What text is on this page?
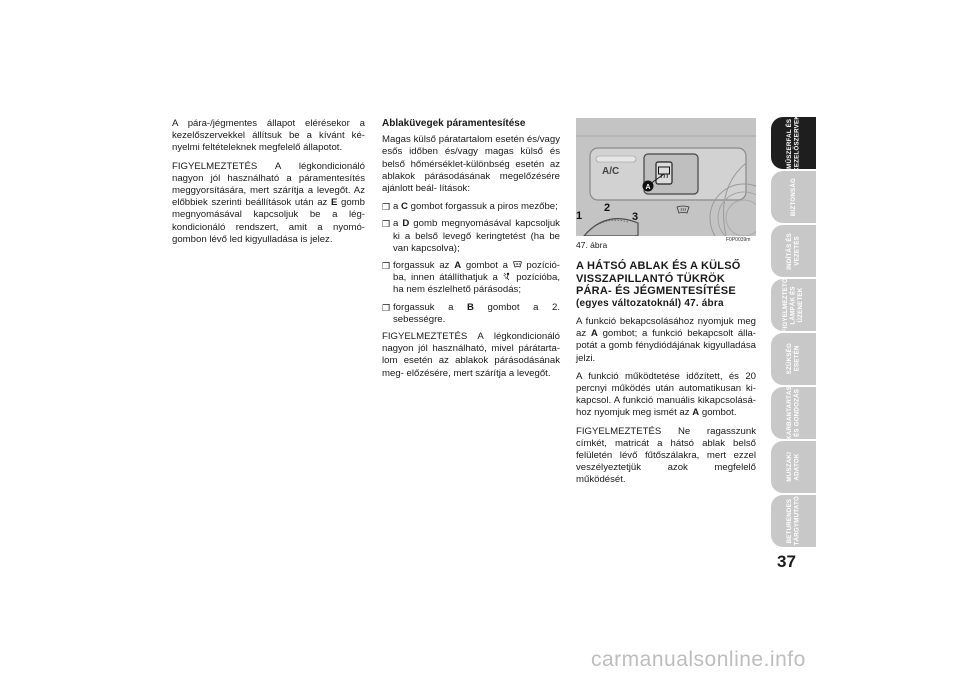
A pára-/jégmentes állapot elérésekor a kezelőszervekkel állítsuk be a kívánt ké- nyelmi feltételeknek megfelelő állapotot.

FIGYELMEZTETÉS A légkondicionáló nagyon jól használható a páramentesítés meggyorsítására, mert szárítja a levegőt. Az előbbiek szerinti beállítások után az E gomb megnyomásával kapcsoljuk be a lég- kondicionáló rendszert, amit a nyomó- gombon lévő led kigyulladása is jelez.

Ablaküvegek páramentesítése

Magas külső páratartalom esetén és/vagy esős időben és/vagy magas külső és belső hőmérséklet-különbség esetén az ablakok párásodásának megelőzésére ajánlott beál- lítások:

❒ a C gombot forgassuk a piros mezőbe;
❒ a D gomb megnyomásával kapcsoljuk ki a belső levegő keringtetést (ha be van kapcsolva);
❒ forgassuk az A gombot a  pozíció- ba, innen átállíthatjuk a  pozícióba, ha nem észlelhető párásodás;
❒ forgassuk a B gombot a 2. sebességre.

FIGYELMEZTETÉS A légkondicionáló nagyon jól használható, mivel párátarta- lom esetén az ablakok párásodásának meg- előzésére, mert szárítja a levegőt.

A/C
A
1
2
3
47. ábra	F0P0039m
A HÁTSÓ ABLAK ÉS A KÜLSŐ VISSZAPILLANTÓ TÜKRÖK PÁRA- ÉS JÉGMENTESÍTÉSE
(egyes változatoknál) 47. ábra

A funkció bekapcsolásához nyomjuk meg az A gombot; a funkció bekapcsolt álla- potát a gomb fénydiódájának kigyulladása jelzi.

A funkció működtetése időzített, és 20 percnyi működés után automatikusan ki- kapcsol. A funkció manuális kikapcsolásá- hoz nyomjuk meg ismét az A gombot.

FIGYELMEZTETÉS Ne ragasszunk címkét, matricát a hátsó ablak belső felületén lévő fűtőszálakra, mert ezzel veszélyeztetjük azok megfelelő működését.

MŰSZERFAL ÉS
KEZELŐSZERVEK
BIZTONSÁG
INDÍTÁS ÉS
VEZETÉS
FIGYELMEZTETŐ
LÁMPÁK ÉS
ÜZENETEK
SZÜKSÉG
ESETÉN
KARBANTARTÁS
ÉS GONDOZÁS
37
carmanualsonline.info
MŰSZAKI
ADATOK
BETŰRENDES
TÁRGYMUTATÓ
